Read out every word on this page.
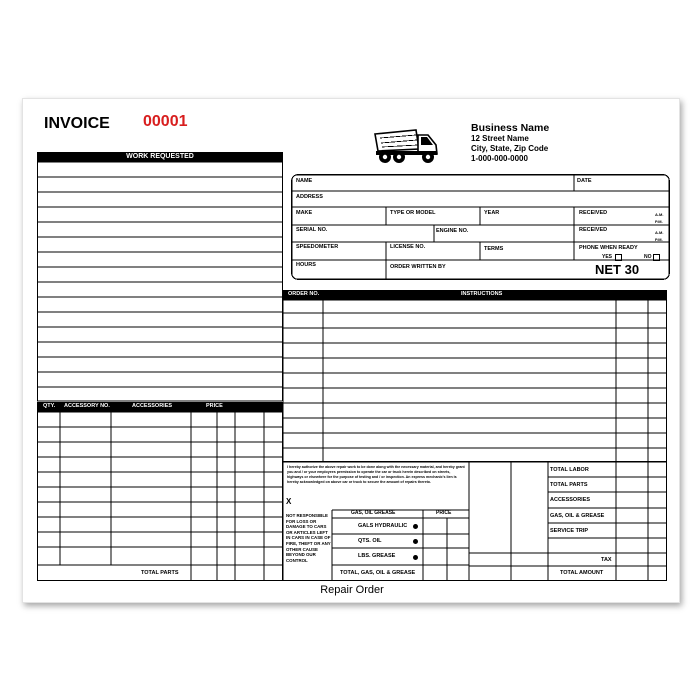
INVOICE 00001	Business Name
12 Street Name
City, State, Zip Code
1-000-000-0000
WORK REQUESTED
QTY. ACCESSORY NO.	ACCESSORIES	PRICE
TOTAL PARTS
NAME	DATE
ADDRESS
MAKE	TYPE OR MODEL	YEAR	RECEIVED	A.M.
P.M.
SERIAL NO.	ENGINE NO.	RECEIVED	A.M.
P.M.
SPEEDOMETER	LICENSE NO.	TERMS	PHONE WHEN READY
YES	NO
HOURS	ORDER WRITTEN BY	NET 30
ORDER NO.	INSTRUCTIONS
I hereby authorize the above repair work to be done along with the necessary material, and hereby grant you and / or your employees permission to operate the car or truck herein described on streets, highways or elsewhere for the purpose of testing and / or inspection. An express mechanic's lien is hereby acknowledged on above car or truck to secure the amount of repairs thereto.
X
NOT RESPONSIBLE FOR LOSS OR DAMAGE TO CARS OR ARTICLES LEFT IN CARS IN CASE OF FIRE, THEFT OR ANY OTHER CAUSE BEYOND OUR CONTROL
GAS, OIL GREASE	PRICE
GALS HYDRAULIC
QTS. OIL
LBS. GREASE
TOTAL, GAS, OIL & GREASE
TOTAL LABOR
TOTAL PARTS
ACCESSORIES
GAS, OIL & GREASE
SERVICE TRIP
TAX
TOTAL AMOUNT
Repair Order
